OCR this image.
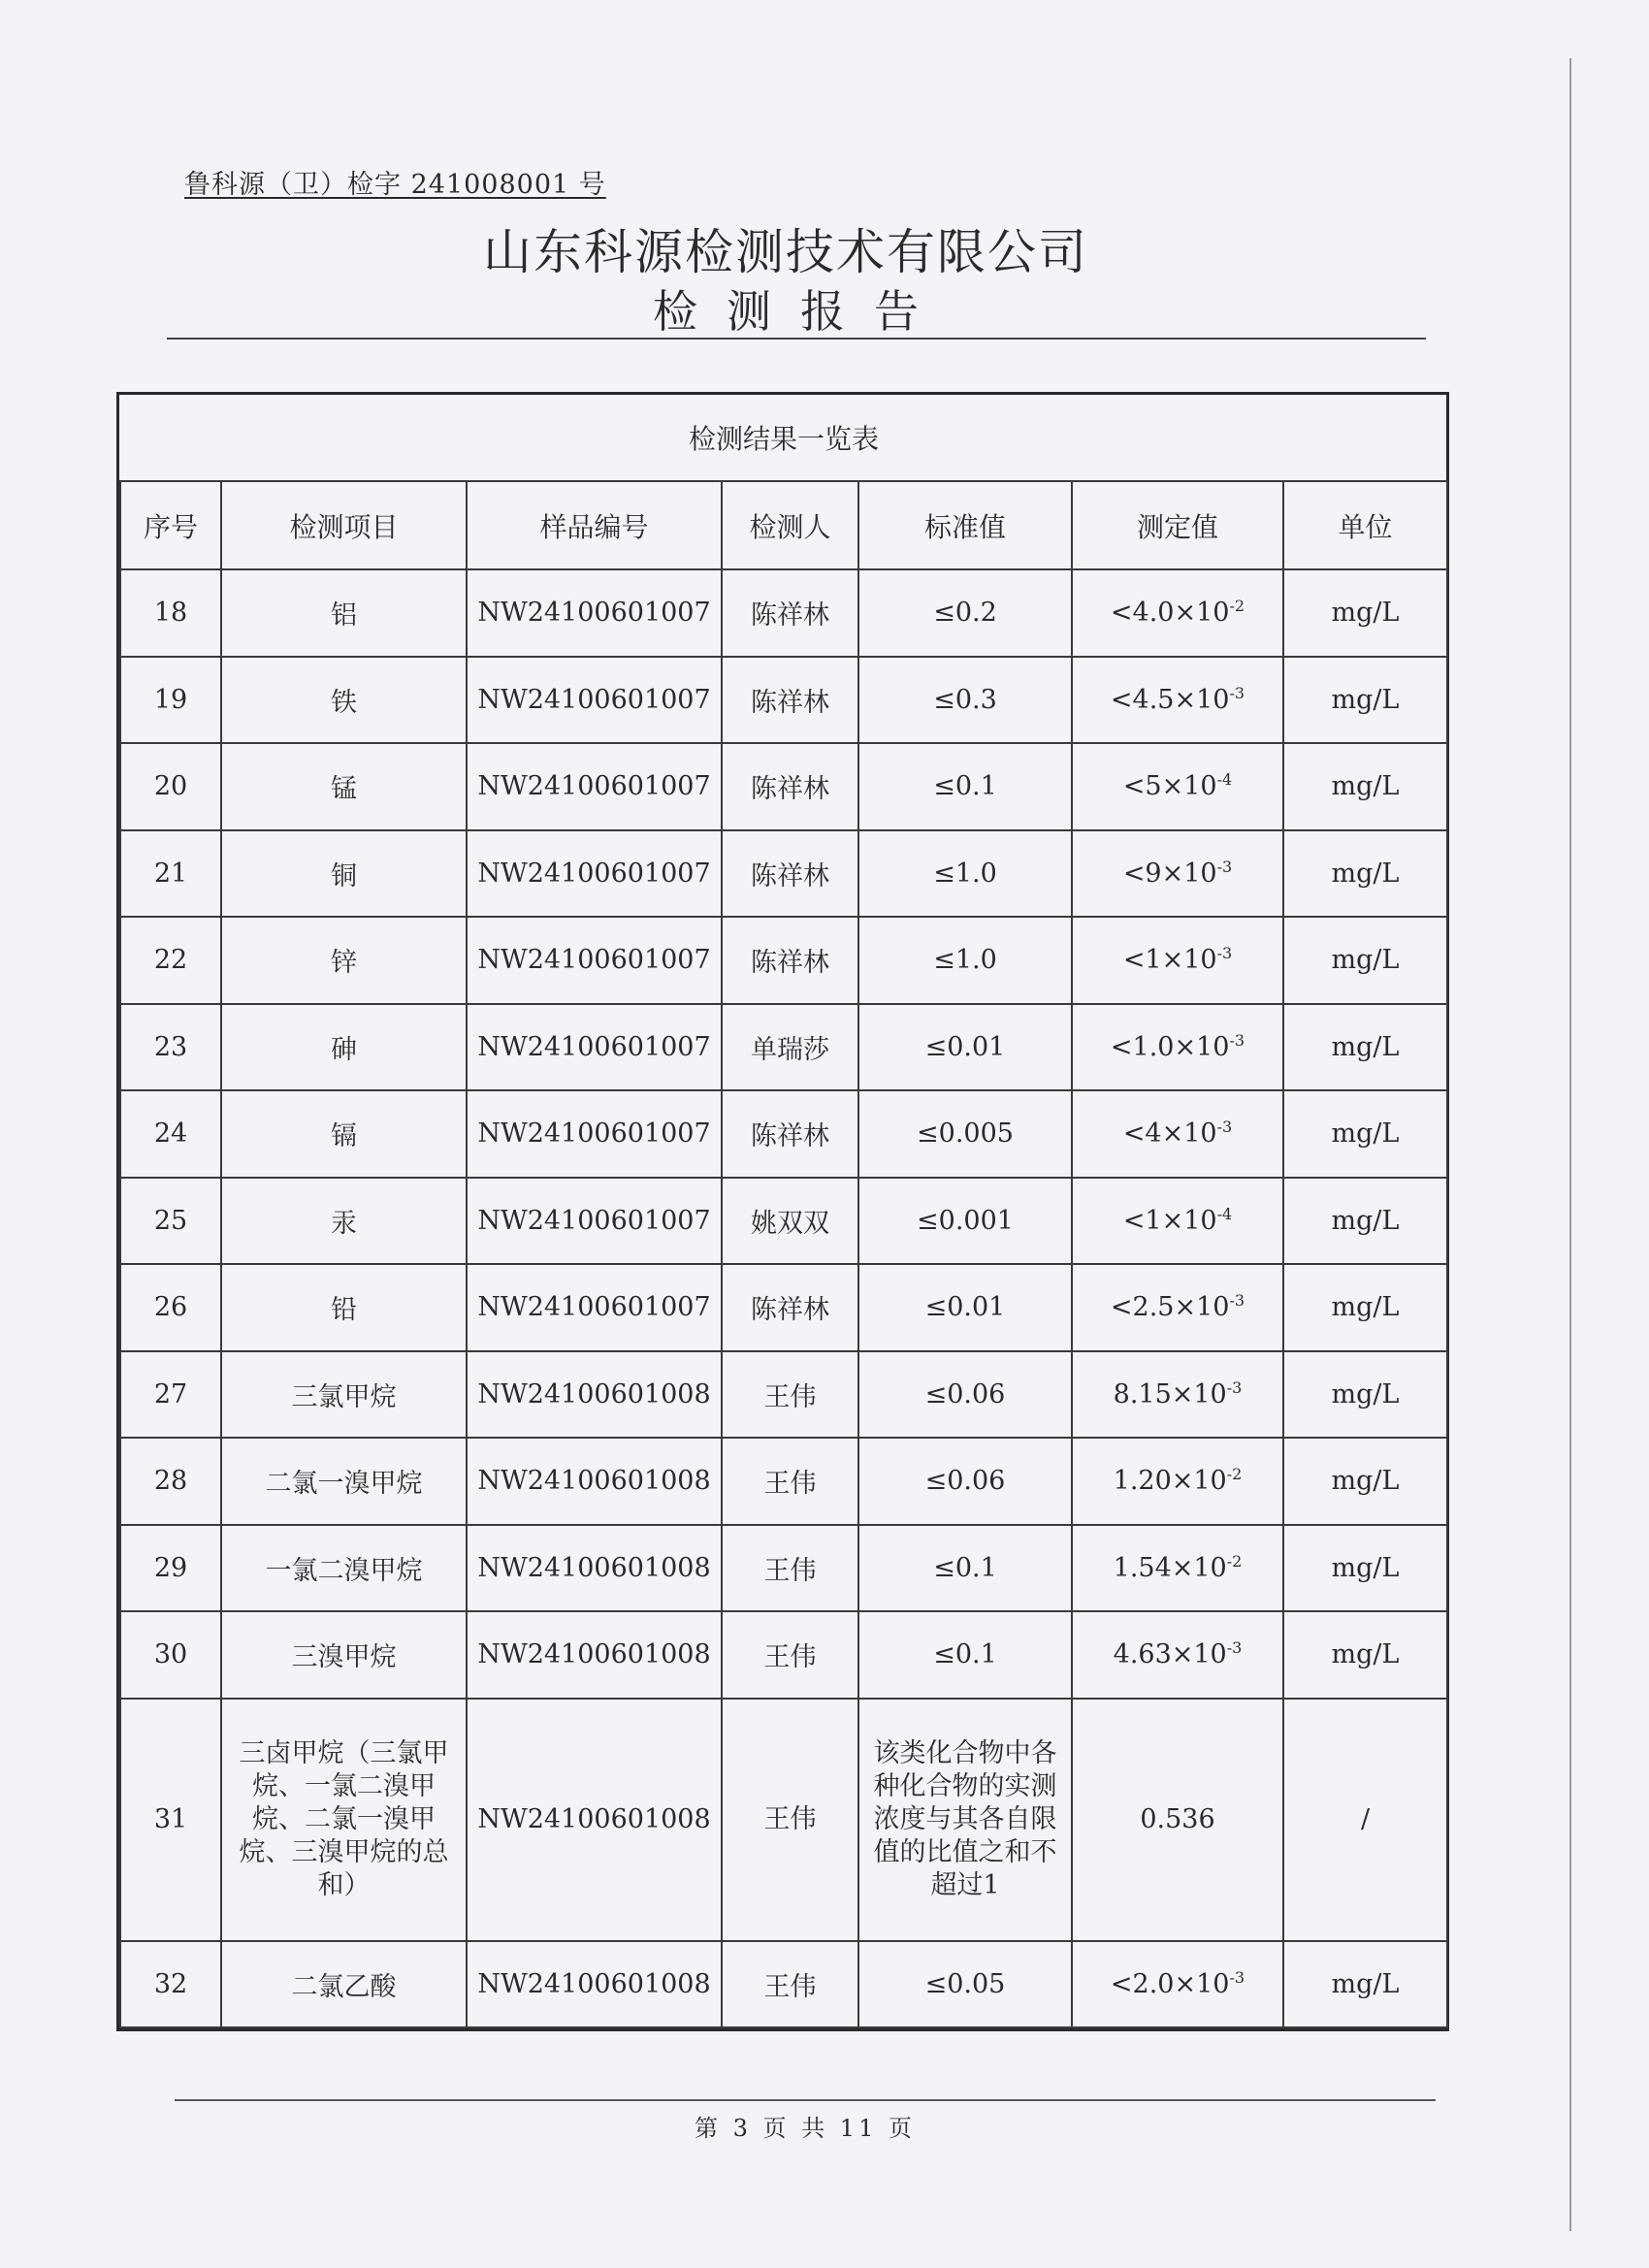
鲁科源（卫）检字 241008001 号
山东科源检测技术有限公司
检测报告
检测结果一览表						
序号	检测项目	样品编号	检测人	标准值	测定值	单位
18	铝	NW24100601007	陈祥林	≤0.2	$<4.0\times 10^{-2}$	mg/L
19	铁	NW24100601007	陈祥林	≤0.3	$<4.5\times 10^{-3}$	mg/L
20	锰	NW24100601007	陈祥林	≤0.1	$<5\times 10^{-4}$	mg/L
21	铜	NW24100601007	陈祥林	≤1.0	$<9\times 10^{-3}$	mg/L
22	锌	NW24100601007	陈祥林	≤1.0	$<1\times 10^{-3}$	mg/L
23	砷	NW24100601007	单瑞莎	≤0.01	$<1.0\times 10^{-3}$	mg/L
24	镉	NW24100601007	陈祥林	≤0.005	$<4\times 10^{-3}$	mg/L
25	汞	NW24100601007	姚双双	≤0.001	$<1\times 10^{-4}$	mg/L
26	铅	NW24100601007	陈祥林	≤0.01	$<2.5\times 10^{-3}$	mg/L
27	三氯甲烷	NW24100601008	王伟	≤0.06	$8.15\times 10^{-3}$	mg/L
28	二氯一溴甲烷	NW24100601008	王伟	≤0.06	$1.20\times 10^{-2}$	mg/L
29	一氯二溴甲烷	NW24100601008	王伟	≤0.1	$1.54\times 10^{-2}$	mg/L
30	三溴甲烷	NW24100601008	王伟	≤0.1	$4.63\times 10^{-3}$	mg/L
31	三卤甲烷（三氯甲烷、一氯二溴甲烷、二氯一溴甲烷、三溴甲烷的总和）	NW24100601008	王伟	该类化合物中各种化合物的实测浓度与其各自限值的比值之和不超过1	0.536	/
32	二氯乙酸	NW24100601008	王伟	≤0.05	$<2.0\times 10^{-3}$	mg/L
第 3 页 共 11 页
